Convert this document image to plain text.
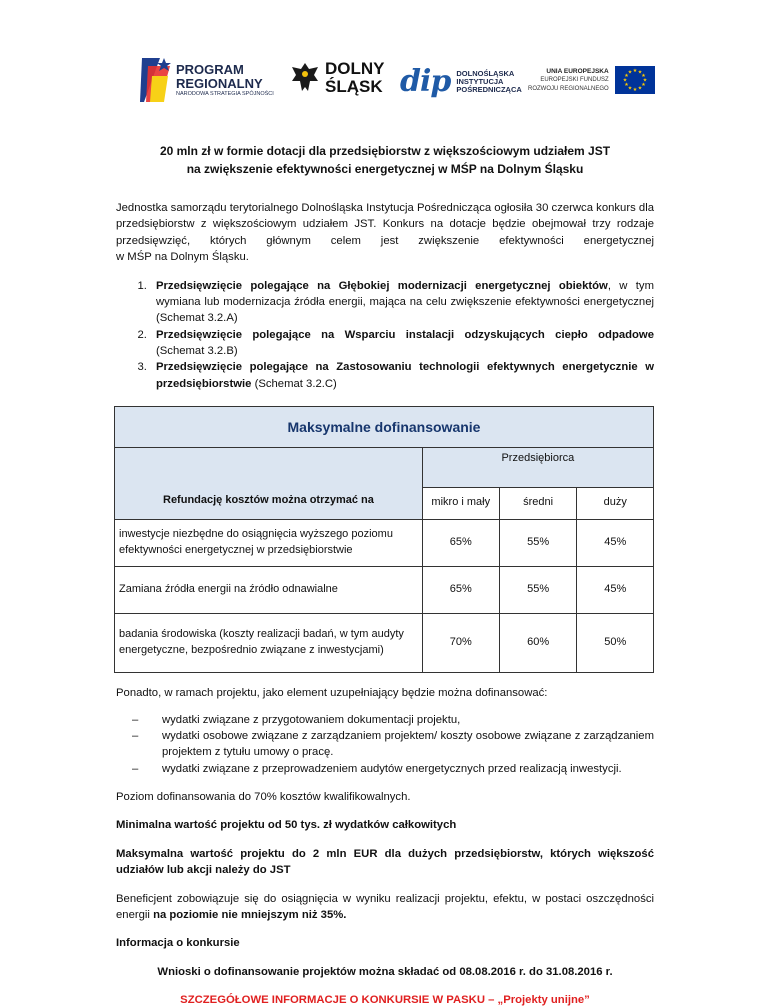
PROGRAM
REGIONALNY
NARODOWA STRATEGIA SPÓJNOŚCI
DOLNY
ŚLĄSK dip DOLNOŚLĄSKA
INSTYTUCJA
POŚREDNICZĄCA
UNIA EUROPEJSKA
EUROPEJSKI FUNDUSZ
ROZWOJU REGIONALNEGO
★ ★
★
★
★
★
★
★
★
★
★
★

20 mln zł w formie dotacji dla przedsiębiorstw z większościowym udziałem JST

na zwiększenie efektywności energetycznej w MŚP na Dolnym Śląsku

Jednostka samorządu terytorialnego Dolnośląska Instytucja Pośrednicząca ogłosiła 30 czerwca konkurs dla przedsiębiorstw z większościowym udziałem JST. Konkurs na dotacje będzie obejmował trzy rodzaje przedsięwzięć, których głównym celem jest zwiększenie efektywności energetycznej
w MŚP na Dolnym Śląsku.

1. Przedsięwzięcie polegające na Głębokiej modernizacji energetycznej obiektów, w tym wymiana lub modernizacja źródła energii, mająca na celu zwiększenie efektywności energetycznej (Schemat 3.2.A)
2. Przedsięwzięcie polegające na Wsparciu instalacji odzyskujących ciepło odpadowe (Schemat 3.2.B)
3. Przedsięwzięcie polegające na Zastosowaniu technologii efektywnych energetycznie w przedsiębiorstwie (Schemat 3.2.C)
Maksymalne dofinansowanie			
Refundację kosztów można otrzymać na	Przedsiębiorca		
	mikro i mały	średni	duży
inwestycje niezbędne do osiągnięcia wyższego poziomu efektywności energetycznej w przedsiębiorstwie	65%	55%	45%
Zamiana źródła energii na źródło odnawialne	65%	55%	45%
badania środowiska (koszty realizacji badań, w tym audyty energetyczne, bezpośrednio związane z inwestycjami)	70%	60%	50%

Ponadto, w ramach projektu, jako element uzupełniający będzie można dofinansować:

– wydatki związane z przygotowaniem dokumentacji projektu,
– wydatki osobowe związane z zarządzaniem projektem/ koszty osobowe związane z zarządzaniem projektem z tytułu umowy o pracę.
– wydatki związane z przeprowadzeniem audytów energetycznych przed realizacją inwestycji.

Poziom dofinansowania do 70% kosztów kwalifikowalnych.

Minimalna wartość projektu od 50 tys. zł wydatków całkowitych

Maksymalna wartość projektu do 2 mln EUR dla dużych przedsiębiorstw, których większość udziałów lub akcji należy do JST

Beneficjent zobowiązuje się do osiągnięcia w wyniku realizacji projektu, efektu, w postaci oszczędności energii na poziomie nie mniejszym niż 35%.

Informacja o konkursie

Wnioski o dofinansowanie projektów można składać od 08.08.2016 r. do 31.08.2016 r.

SZCZEGÓŁOWE INFORMACJE O KONKURSIE W PASKU – „Projekty unijne”
